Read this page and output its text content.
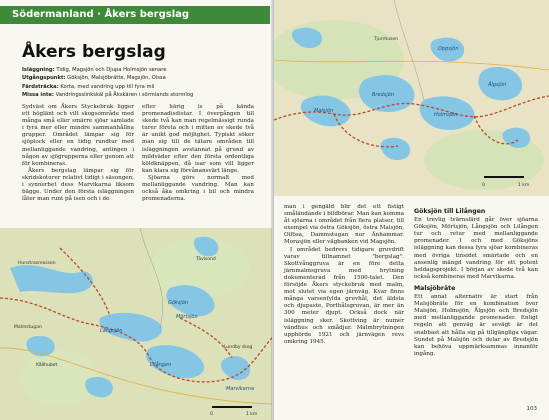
Södermanland · Åkers bergslag
Åkers bergslag
Isläggning: Tidig, Magsjön och Djupa Holmsjön senare
Utgångspunkt: Göksjön, Malsjöbrätte, Magsjön, Olssa
Färdsträcka: Korta, med vandring upp till fyra mil
Missa inte: Vandringsslinkskäl på Åkskären i sörmlands stormlog

Sydväst om Åkers Styckebruk ligger ett höglänt och vilt skogsområde med många små eller smärre sjöar samlade i fyra mer eller mindre sammanhållna grupper. Området lämpar sig för sjöplock eller en tidig rundtur med mellanliggande vandring, antingen i någon av sjögrupperna eller genom att för kombineras.
Åkers bergslag lämpar sig för skridskoturer relativt tidigt i säsongen, i synnerhet dess Marvikarna liksom bägge. Under den första isläggningen låter man runt på isen och i de

efter härig is på kända promenadisdistar. I övergången till skede två kan man regelmässigt runda turer företa och i mitten av skede två är unikt god möjlighet. Typiskt söker man sig till de tätare områden till isläggningen avstannat på grund av mildväder efter den första ordentliga köldknäppen, då isar som vill ligger kan klara sig förvånansvärt länge.
Sjöarna görs normalt med mellanliggande vandring. Man kan också åka omkring i bil och mindra promenaderna.

Tävlsond
Hunstrasmossen
Kållhubet
Långsjön
Göksjön
Mörtsjön
Lilången
Lundby skog
Malmstugan
Marvikarna
0	1 km
Bredsjön
Malsjön
Tjurrhusen
Holmsjön
Ålgsjön
Oppsjön
0	1 km

man i gengäld blir det ett fistigt småländande i bildbörar. Man kan komma åt sjöarna i området från flera platser, till exempel via östra Göksjön, östra Malsjön, Olfösa, Dammstugan nor Änhammar. Morasjön eller vägbanken vid Magsjön.
I området bedrevs tidigare gruvdrift varav tillnamnet "bergslag". Skottvånggruva är en före detta järnmalmsgruva med brytning dokumenterad från 1500-talet. Den försöjde Åkers styckebruk med malm, mot slutet via egen järnväg. Kvar finns många varsenfylda gruvhål, det äldsta och djupaste, Porthålsgruvan, är mer än 300 meter djupt. Också dock när isläggning sker. Skottving är numer vändhus och smådjur. Malmbrytningen upphörde 1921 och järnvägen revs omkring 1945.

Göksjön till Lilången

En trevlig tvärnsfärd går över sjöarna Göksjön, Mörtsjön, Långsjön och Lilången tur och retur med mellanliggande promenader. I och med Göksjöns isläggning kan dessa fyra sjöar kombineras med övriga tinsidet smärtade och en ansenlig mängd vandring för ett potent heldagsprojekt. I början av skede två kan också kombineras med Marvikarna.

Malsjöbräte

Ett annat alternativ är start från Malsjöbräte för en kombination över Malsjön, Holmsjön, Ålgsjön och Bredsjön med mellanliggande promenader. Enligt regeln att genväg är sevägt är det snabbast att hålla sig på tillgängliga vägar. Sundet på Malsjön och delar av Bredsjön kan behöva uppmärksammas innanför ingång.

103
